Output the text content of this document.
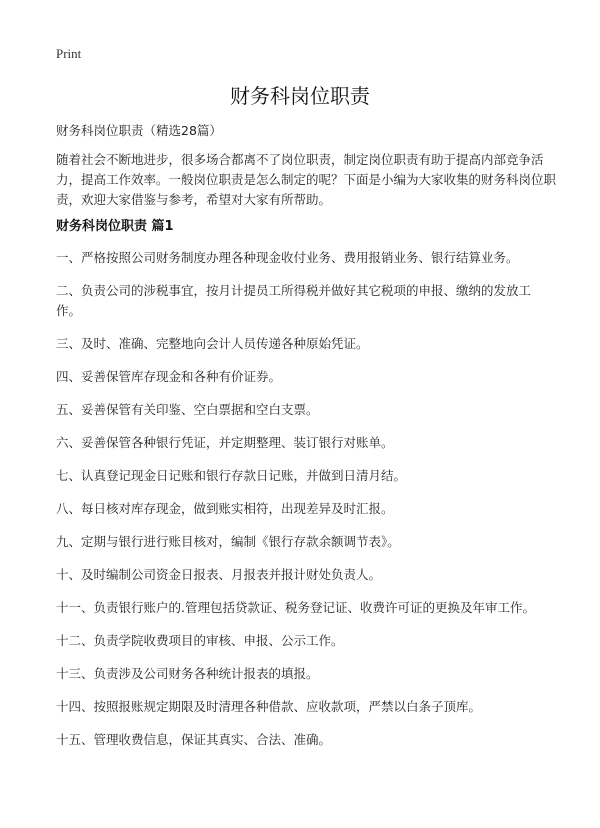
Print
财务科岗位职责
财务科岗位职责（精选28篇）
随着社会不断地进步，很多场合都离不了岗位职责，制定岗位职责有助于提高内部竞争活力，提高工作效率。一般岗位职责是怎么制定的呢？下面是小编为大家收集的财务科岗位职责，欢迎大家借鉴与参考，希望对大家有所帮助。
财务科岗位职责 篇1
一、严格按照公司财务制度办理各种现金收付业务、费用报销业务、银行结算业务。
二、负责公司的涉税事宜，按月计提员工所得税并做好其它税项的申报、缴纳的发放工作。
三、及时、准确、完整地向会计人员传递各种原始凭证。
四、妥善保管库存现金和各种有价证券。
五、妥善保管有关印鉴、空白票据和空白支票。
六、妥善保管各种银行凭证，并定期整理、装订银行对账单。
七、认真登记现金日记账和银行存款日记账，并做到日清月结。
八、每日核对库存现金，做到账实相符，出现差异及时汇报。
九、定期与银行进行账目核对，编制《银行存款余额调节表》。
十、及时编制公司资金日报表、月报表并报计财处负责人。
十一、负责银行账户的.管理包括贷款证、税务登记证、收费许可证的更换及年审工作。
十二、负责学院收费项目的审核、申报、公示工作。
十三、负责涉及公司财务各种统计报表的填报。
十四、按照报账规定期限及时清理各种借款、应收款项，严禁以白条子顶库。
十五、管理收费信息，保证其真实、合法、准确。
